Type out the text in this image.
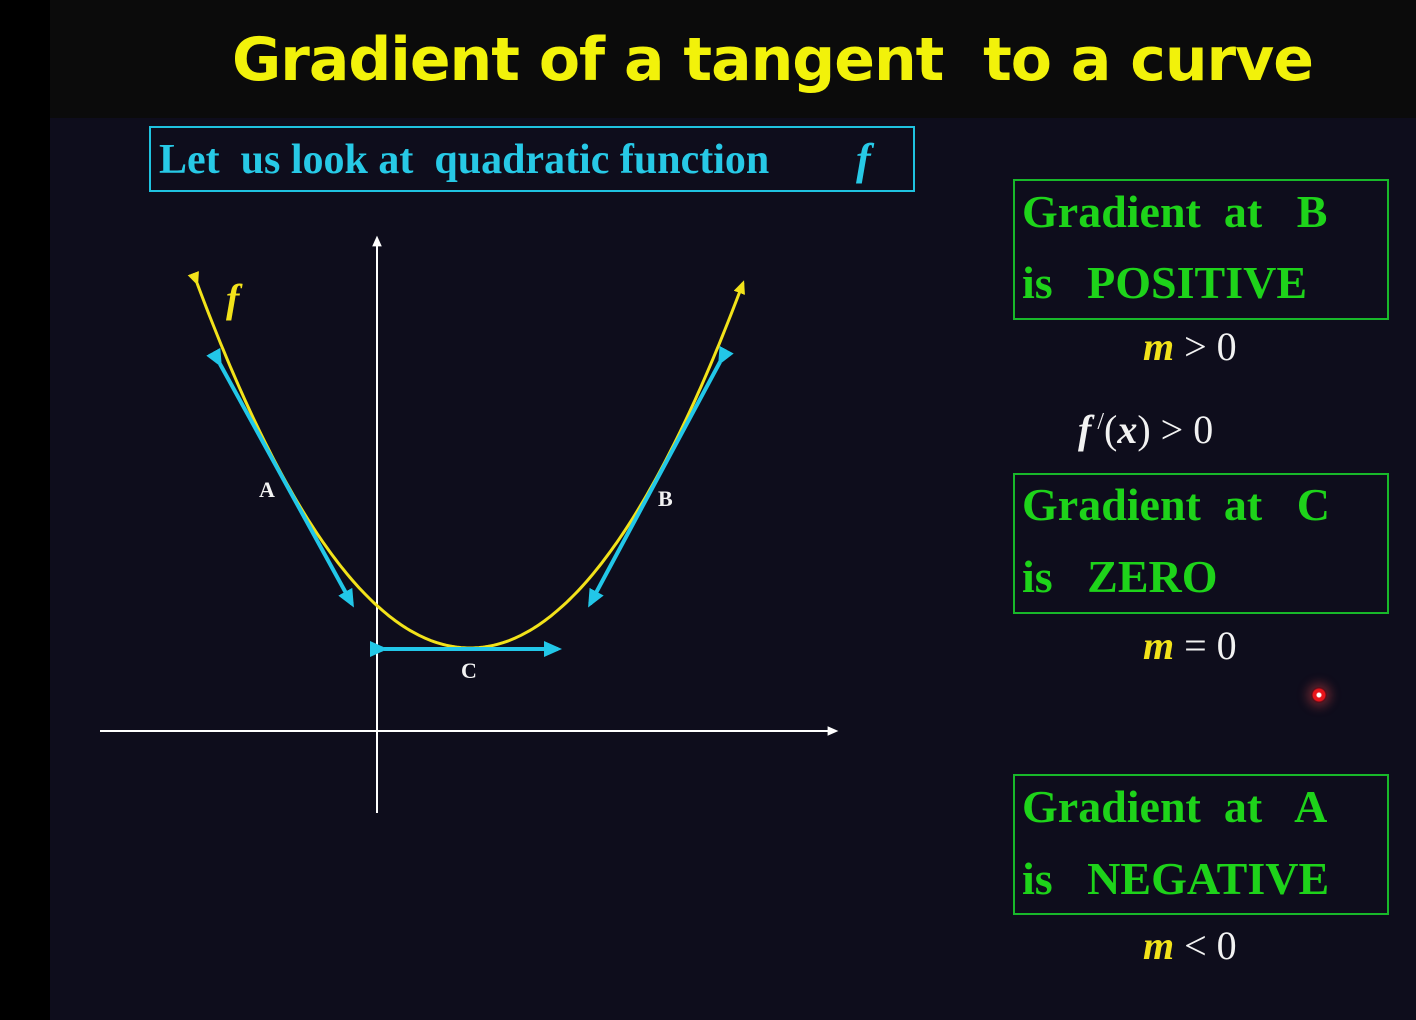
Gradient of a tangent  to a curve
Let  us look at  quadratic function f
f
A	B
C
Gradient  at   B
is   POSITIVE
m > 0
f /(x) > 0
Gradient  at   C
is   ZERO
m = 0
Gradient  at   A
is   NEGATIVE
m < 0
